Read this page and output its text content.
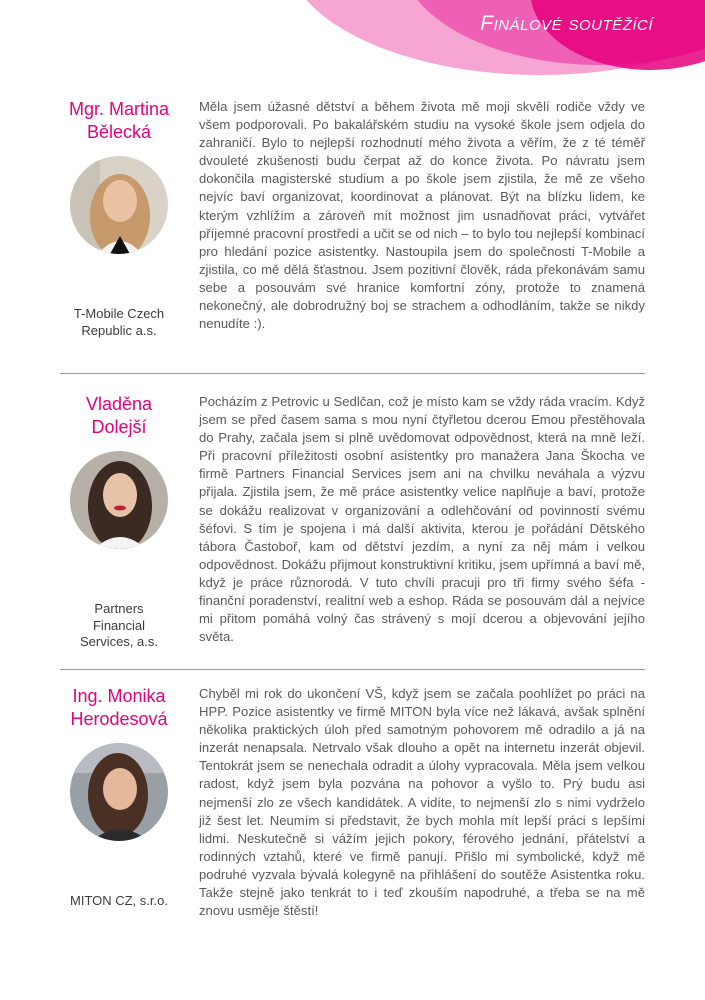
Finálové soutěžící

Mgr. Martina
Bělecká

T-Mobile Czech
Republic a.s.

Měla jsem úžasné dětství a během života mě moji skvělí rodiče vždy ve všem podporovali. Po bakalářském studiu na vysoké škole jsem odjela do zahraničí. Bylo to nejlepší rozhodnutí mého života a věřím, že z té téměř dvouleté zkušenosti budu čerpat až do konce života. Po návratu jsem dokončila magisterské studium a po škole jsem zjistila, že mě ze všeho nejvíc baví organizovat, koordinovat a plánovat. Být na blízku lidem, ke kterým vzhlížím a zároveň mít možnost jim usnadňovat práci, vytvářet příjemné pracovní prostředí a učit se od nich – to bylo tou nejlepší kombinací pro hledání pozice asistentky. Nastoupila jsem do společnosti T-Mobile a zjistila, co mě dělá šťastnou. Jsem pozitivní člověk, ráda překonávám samu sebe a posouvám své hranice komfortní zóny, protože to znamená nekonečný, ale dobrodružný boj se strachem a odhodláním, takže se nikdy nenudíte :).

Vladěna
Dolejší

Partners
Financial
Services, a.s.

Pocházím z Petrovic u Sedlčan, což je místo kam se vždy ráda vracím. Když jsem se před časem sama s mou nyní čtyřletou dcerou Emou přestěhovala do Prahy, začala jsem si plně uvědomovat odpovědnost, která na mně leží. Při pracovní příležitosti osobní asistentky pro manažera Jana Škocha ve firmě Partners Financial Services jsem ani na chvilku neváhala a výzvu přijala. Zjistila jsem, že mě práce asistentky velice naplňuje a baví, protože se dokážu realizovat v organizování a odlehčování od povinností svému šéfovi. S tím je spojena i má další aktivita, kterou je pořádání Dětského tábora Častoboř, kam od dětství jezdím, a nyní za něj mám i velkou odpovědnost. Dokážu přijmout konstruktivní kritiku, jsem upřímná a baví mě, když je práce různorodá. V tuto chvíli pracuji pro tři firmy svého šéfa - finanční poradenství, realitní web a eshop. Ráda se posouvám dál a nejvíce mi přitom pomáhá volný čas strávený s mojí dcerou a objevování jejího světa.

Ing. Monika
Herodesová

MITON CZ, s.r.o.

Chyběl mi rok do ukončení VŠ, když jsem se začala poohlížet po práci na HPP. Pozice asistentky ve firmě MITON byla více než lákavá, avšak splnění několika praktických úloh před samotným pohovorem mě odradilo a já na inzerát nenapsala. Netrvalo však dlouho a opět na internetu inzerát objevil. Tentokrát jsem se nenechala odradit a úlohy vypracovala. Měla jsem velkou radost, když jsem byla pozvána na pohovor a vyšlo to. Prý budu asi nejmenší zlo ze všech kandidátek. A vidíte, to nejmenší zlo s nimi vydrželo již šest let. Neumím si představit, že bych mohla mít lepší práci s lepšími lidmi. Neskutečně si vážím jejich pokory, férového jednání, přátelství a rodinných vztahů, které ve firmě panují. Přišlo mi symbolické, když mě podruhé vyzvala bývalá kolegyně na přihlášení do soutěže Asistentka roku. Takže stejně jako tenkrát to i teď zkouším napodruhé, a třeba se na mě znovu usměje štěstí!
